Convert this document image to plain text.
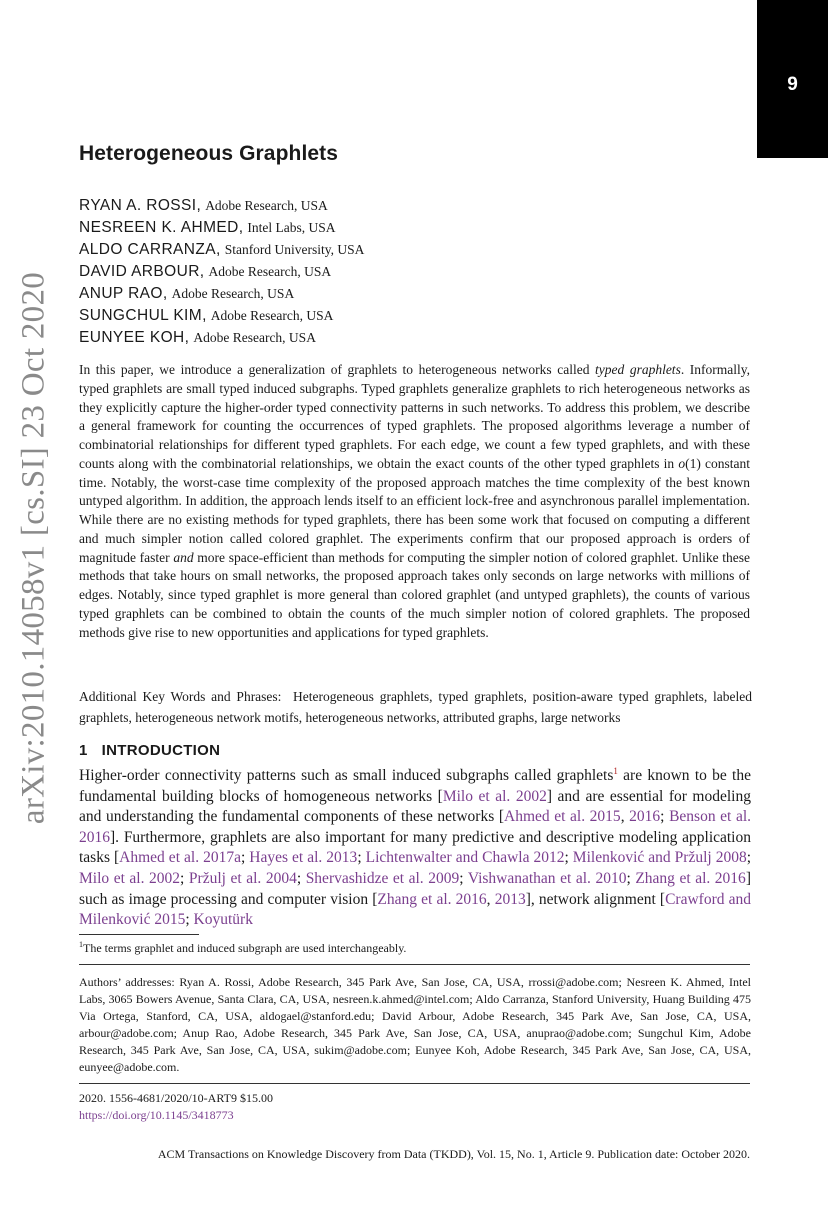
9
arXiv:2010.14058v1 [cs.SI] 23 Oct 2020
Heterogeneous Graphlets
RYAN A. ROSSI, Adobe Research, USA
NESREEN K. AHMED, Intel Labs, USA
ALDO CARRANZA, Stanford University, USA
DAVID ARBOUR, Adobe Research, USA
ANUP RAO, Adobe Research, USA
SUNGCHUL KIM, Adobe Research, USA
EUNYEE KOH, Adobe Research, USA

In this paper, we introduce a generalization of graphlets to heterogeneous networks called typed graphlets. Informally, typed graphlets are small typed induced subgraphs. Typed graphlets generalize graphlets to rich heterogeneous networks as they explicitly capture the higher-order typed connectivity patterns in such networks. To address this problem, we describe a general framework for counting the occurrences of typed graphlets. The proposed algorithms leverage a number of combinatorial relationships for different typed graphlets. For each edge, we count a few typed graphlets, and with these counts along with the combinatorial relationships, we obtain the exact counts of the other typed graphlets in o(1) constant time. Notably, the worst-case time complexity of the proposed approach matches the time complexity of the best known untyped algorithm. In addition, the approach lends itself to an efficient lock-free and asynchronous parallel implementation. While there are no existing methods for typed graphlets, there has been some work that focused on computing a different and much simpler notion called colored graphlet. The experiments confirm that our proposed approach is orders of magnitude faster and more space-efficient than methods for computing the simpler notion of colored graphlet. Unlike these methods that take hours on small networks, the proposed approach takes only seconds on large networks with millions of edges. Notably, since typed graphlet is more general than colored graphlet (and untyped graphlets), the counts of various typed graphlets can be combined to obtain the counts of the much simpler notion of colored graphlets. The proposed methods give rise to new opportunities and applications for typed graphlets.

Additional Key Words and Phrases: Heterogeneous graphlets, typed graphlets, position-aware typed graphlets, labeled graphlets, heterogeneous network motifs, heterogeneous networks, attributed graphs, large networks

1 INTRODUCTION

Higher-order connectivity patterns such as small induced subgraphs called graphlets$^1$ are known to be the fundamental building blocks of homogeneous networks [Milo et al. 2002] and are essential for modeling and understanding the fundamental components of these networks [Ahmed et al. 2015, 2016; Benson et al. 2016]. Furthermore, graphlets are also important for many predictive and descriptive modeling application tasks [Ahmed et al. 2017a; Hayes et al. 2013; Lichtenwalter and Chawla 2012; Milenković and Pržulj 2008; Milo et al. 2002; Pržulj et al. 2004; Shervashidze et al. 2009; Vishwanathan et al. 2010; Zhang et al. 2016] such as image processing and computer vision [Zhang et al. 2016, 2013], network alignment [Crawford and Milenković 2015; Koyutürk

$^1$The terms graphlet and induced subgraph are used interchangeably.

Authors’ addresses: Ryan A. Rossi, Adobe Research, 345 Park Ave, San Jose, CA, USA, rrossi@adobe.com; Nesreen K. Ahmed, Intel Labs, 3065 Bowers Avenue, Santa Clara, CA, USA, nesreen.k.ahmed@intel.com; Aldo Carranza, Stanford University, Huang Building 475 Via Ortega, Stanford, CA, USA, aldogael@stanford.edu; David Arbour, Adobe Research, 345 Park Ave, San Jose, CA, USA, arbour@adobe.com; Anup Rao, Adobe Research, 345 Park Ave, San Jose, CA, USA, anuprao@adobe.com; Sungchul Kim, Adobe Research, 345 Park Ave, San Jose, CA, USA, sukim@adobe.com; Eunyee Koh, Adobe Research, 345 Park Ave, San Jose, CA, USA, eunyee@adobe.com.

2020. 1556-4681/2020/10-ART9 $15.00
https://doi.org/10.1145/3418773
ACM Transactions on Knowledge Discovery from Data (TKDD), Vol. 15, No. 1, Article 9. Publication date: October 2020.
